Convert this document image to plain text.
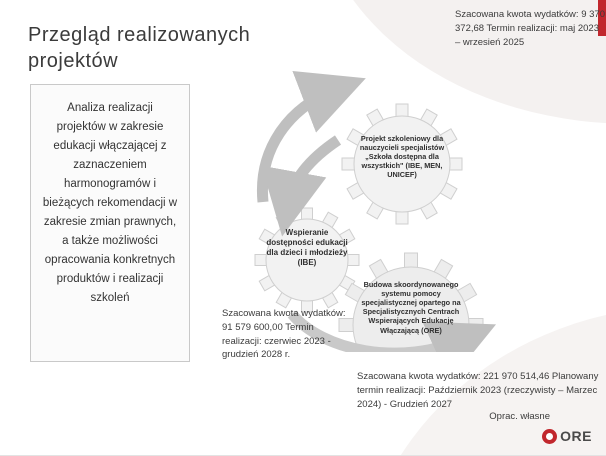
Przegląd realizowanych projektów
Analiza realizacji projektów w zakresie edukacji włączającej z zaznaczeniem harmonogramów i bieżących rekomendacji w zakresie zmian prawnych, a także możliwości opracowania konkretnych produktów i realizacji szkoleń
Projekt szkoleniowy dla nauczycieli specjalistów „Szkoła dostępna dla wszystkich" (IBE, MEN, UNICEF)
Wspieranie dostępności edukacji dla dzieci i młodzieży (IBE)
Budowa skoordynowanego systemu pomocy specjalistycznej opartego na Specjalistycznych Centrach Wspierających Edukację Włączającą (ORE)
Szacowana kwota wydatków: 9 370 372,68 Termin realizacji: maj 2023 – wrzesień 2025
Szacowana kwota wydatków: 91 579 600,00 Termin realizacji: czerwiec 2023 - grudzień 2028 r.
Szacowana kwota wydatków: 221 970 514,46 Planowany termin realizacji: Październik 2023 (rzeczywisty – Marzec 2024) - Grudzień 2027
Oprac. własne
ORE
